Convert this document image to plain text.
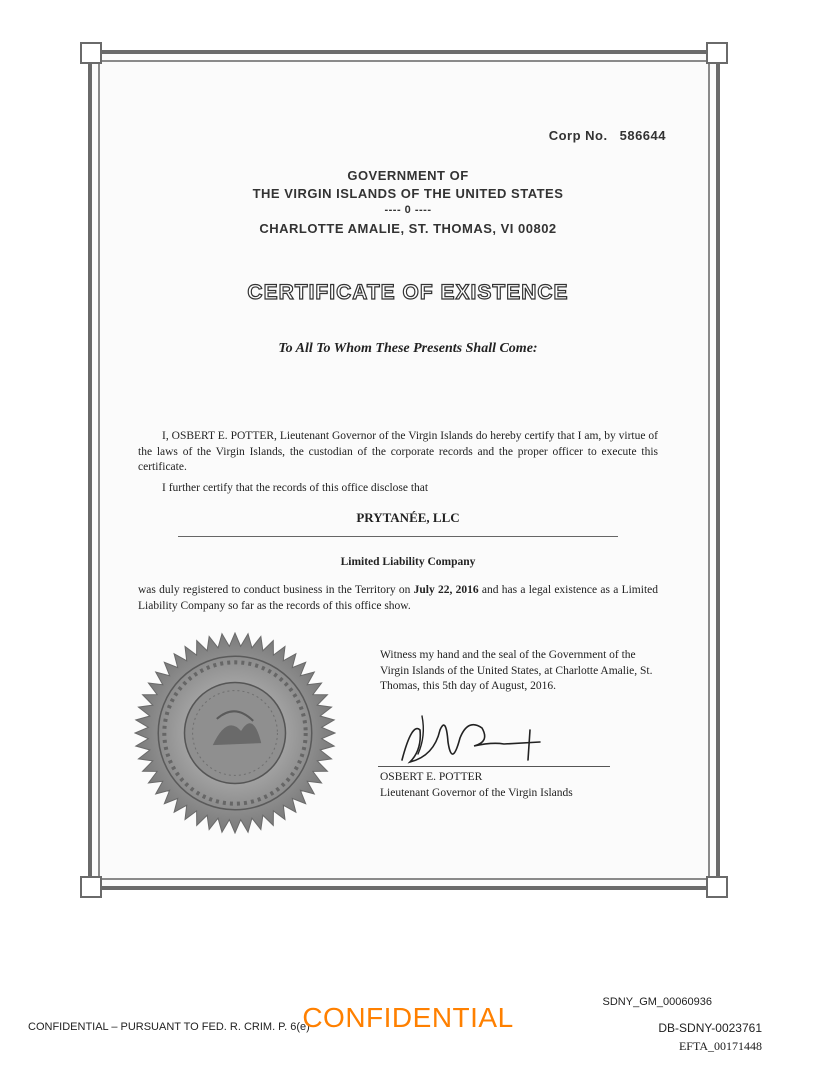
Corp No. 586644
GOVERNMENT OF
THE VIRGIN ISLANDS OF THE UNITED STATES
---- 0 ----
CHARLOTTE AMALIE, ST. THOMAS, VI 00802
CERTIFICATE OF EXISTENCE
To All To Whom These Presents Shall Come:
I, OSBERT E. POTTER, Lieutenant Governor of the Virgin Islands do hereby certify that I am, by virtue of the laws of the Virgin Islands, the custodian of the corporate records and the proper officer to execute this certificate.
I further certify that the records of this office disclose that
PRYTANÉE, LLC
Limited Liability Company
was duly registered to conduct business in the Territory on July 22, 2016 and has a legal existence as a Limited Liability Company so far as the records of this office show.
Witness my hand and the seal of the Government of the Virgin Islands of the United States, at Charlotte Amalie, St. Thomas, this 5th day of August, 2016.
OSBERT E. POTTER
Lieutenant Governor of the Virgin Islands
SDNY_GM_00060936
CONFIDENTIAL – PURSUANT TO FED. R. CRIM. P. 6(e)
CONFIDENTIAL	DB-SDNY-0023761
EFTA_00171448
